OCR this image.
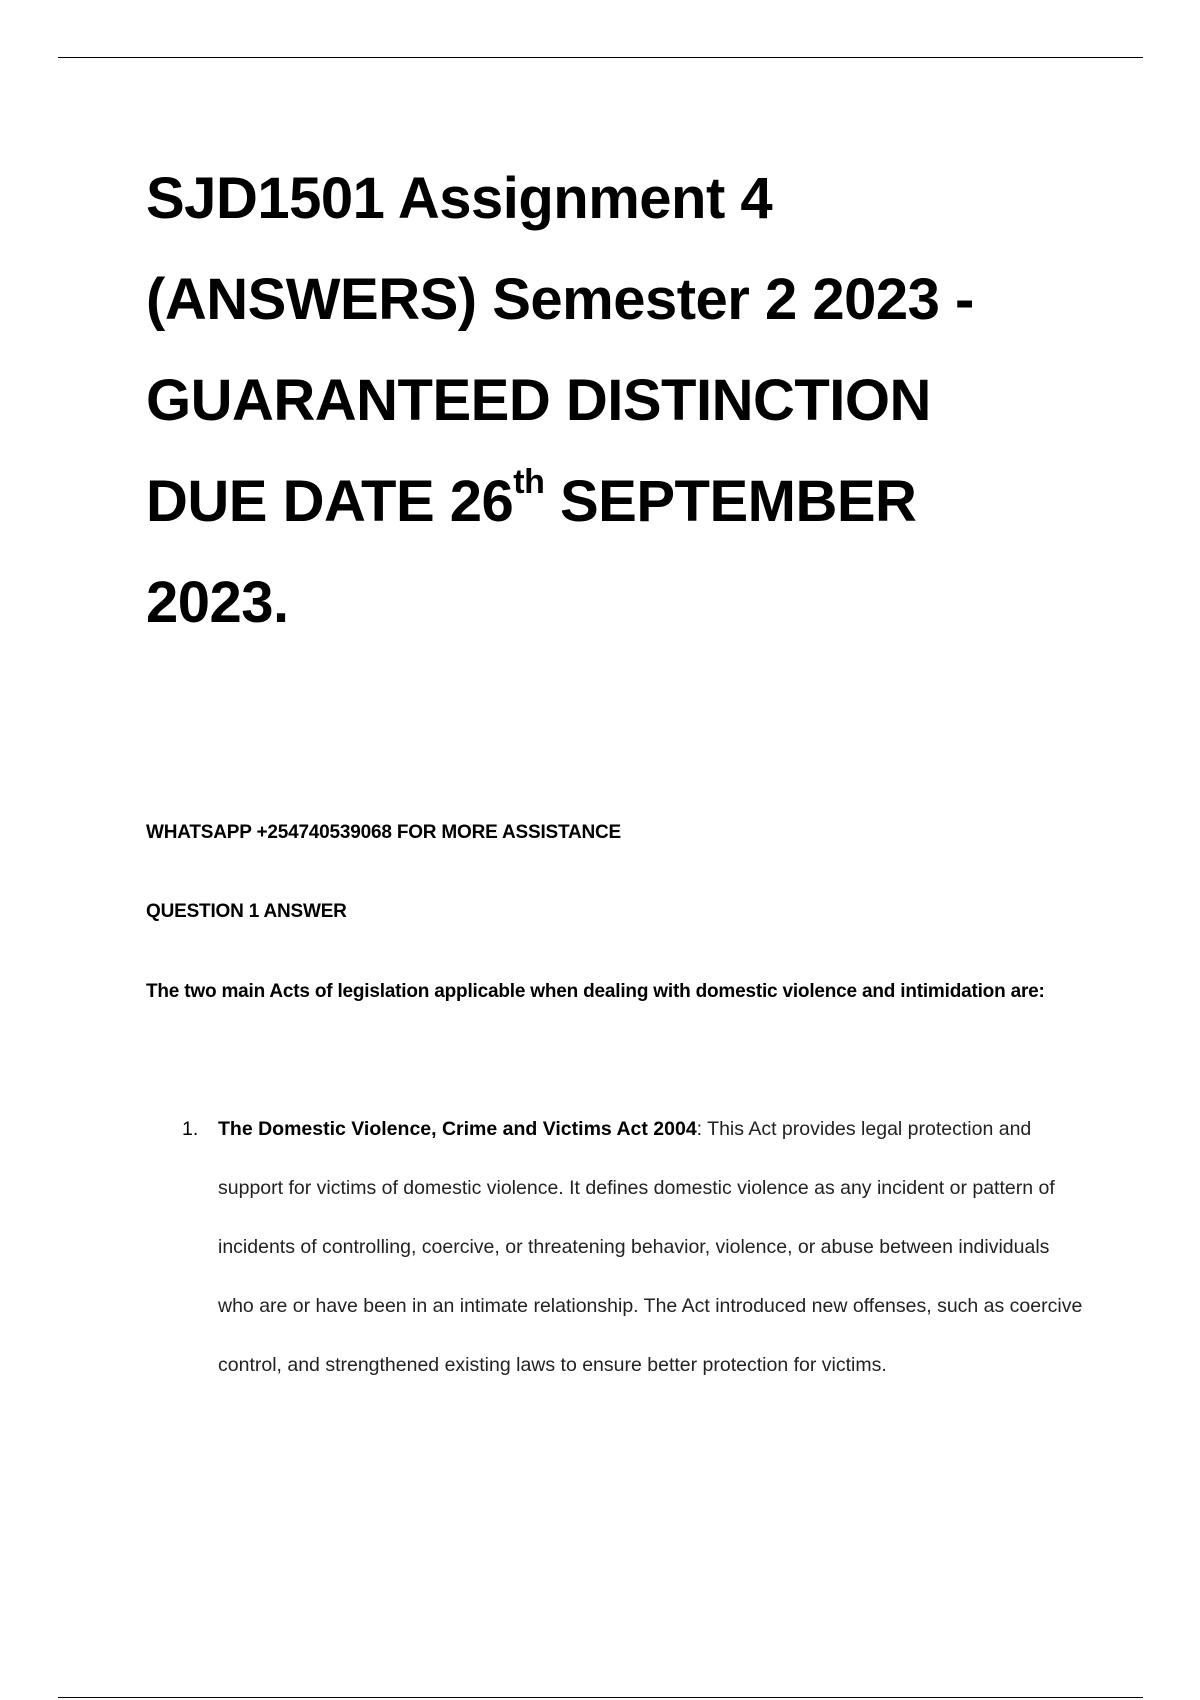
SJD1501 Assignment 4
(ANSWERS) Semester 2 2023 -
GUARANTEED DISTINCTION
DUE DATE 26th SEPTEMBER
2023.

WHATSAPP +254740539068 FOR MORE ASSISTANCE

QUESTION 1 ANSWER

The two main Acts of legislation applicable when dealing with domestic violence and intimidation are:

1. The Domestic Violence, Crime and Victims Act 2004: This Act provides legal protection and support for victims of domestic violence. It defines domestic violence as any incident or pattern of incidents of controlling, coercive, or threatening behavior, violence, or abuse between individuals who are or have been in an intimate relationship. The Act introduced new offenses, such as coercive control, and strengthened existing laws to ensure better protection for victims.
